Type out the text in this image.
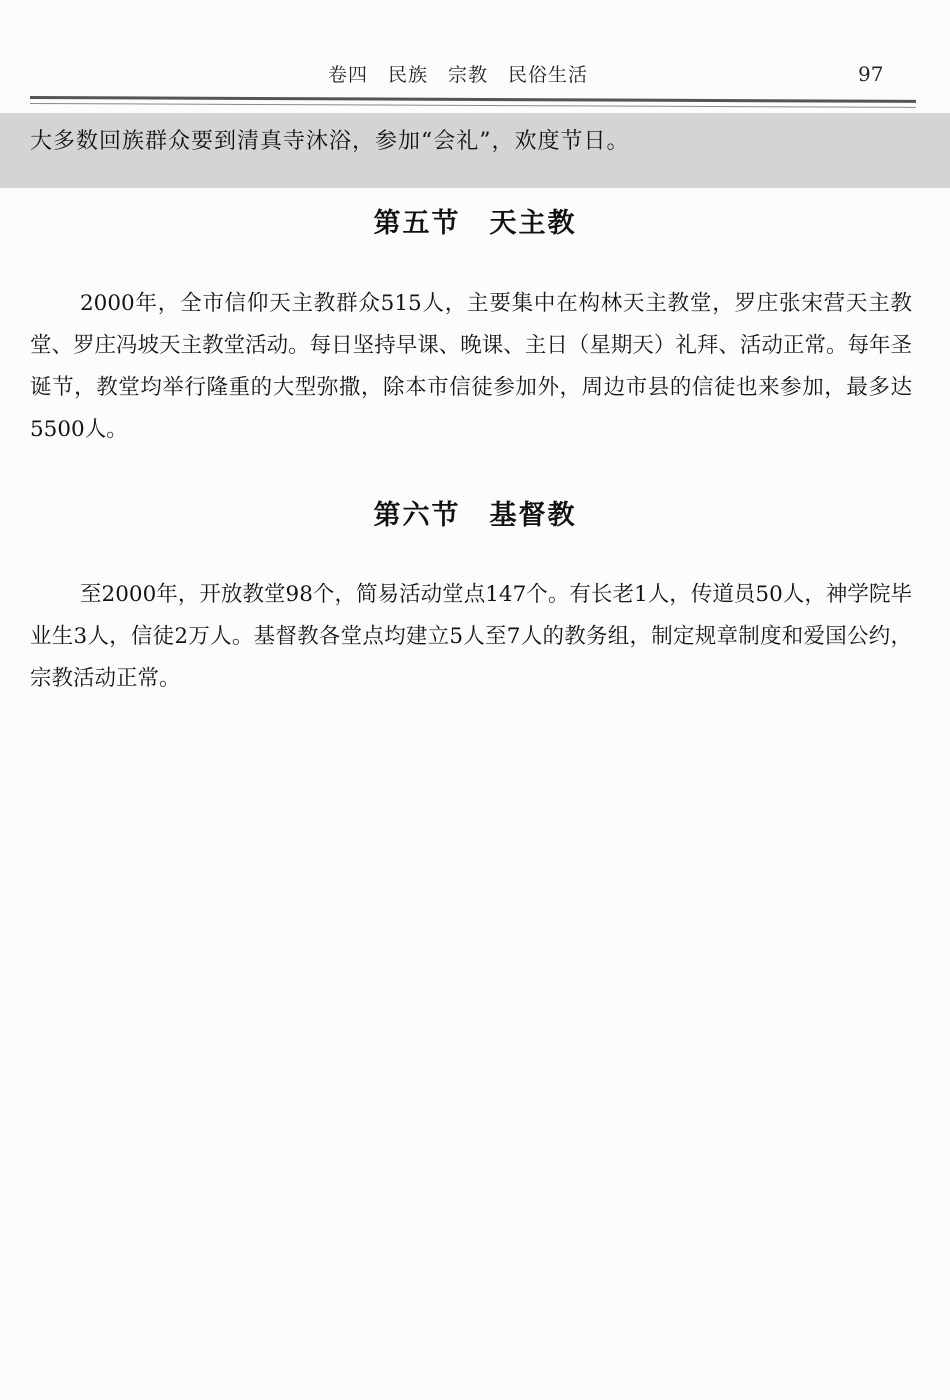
卷四　民族　宗教　民俗生活	97
大多数回族群众要到清真寺沐浴，参加“会礼”，欢度节日。
第五节　天主教
2000年，全市信仰天主教群众515人，主要集中在构林天主教堂，罗庄张宋营天主教堂、罗庄冯坡天主教堂活动。每日坚持早课、晚课、主日（星期天）礼拜、活动正常。每年圣诞节，教堂均举行隆重的大型弥撒，除本市信徒参加外，周边市县的信徒也来参加，最多达5500人。
第六节　基督教
至2000年，开放教堂98个，简易活动堂点147个。有长老1人，传道员50人，神学院毕业生3人，信徒2万人。基督教各堂点均建立5人至7人的教务组，制定规章制度和爱国公约，宗教活动正常。
